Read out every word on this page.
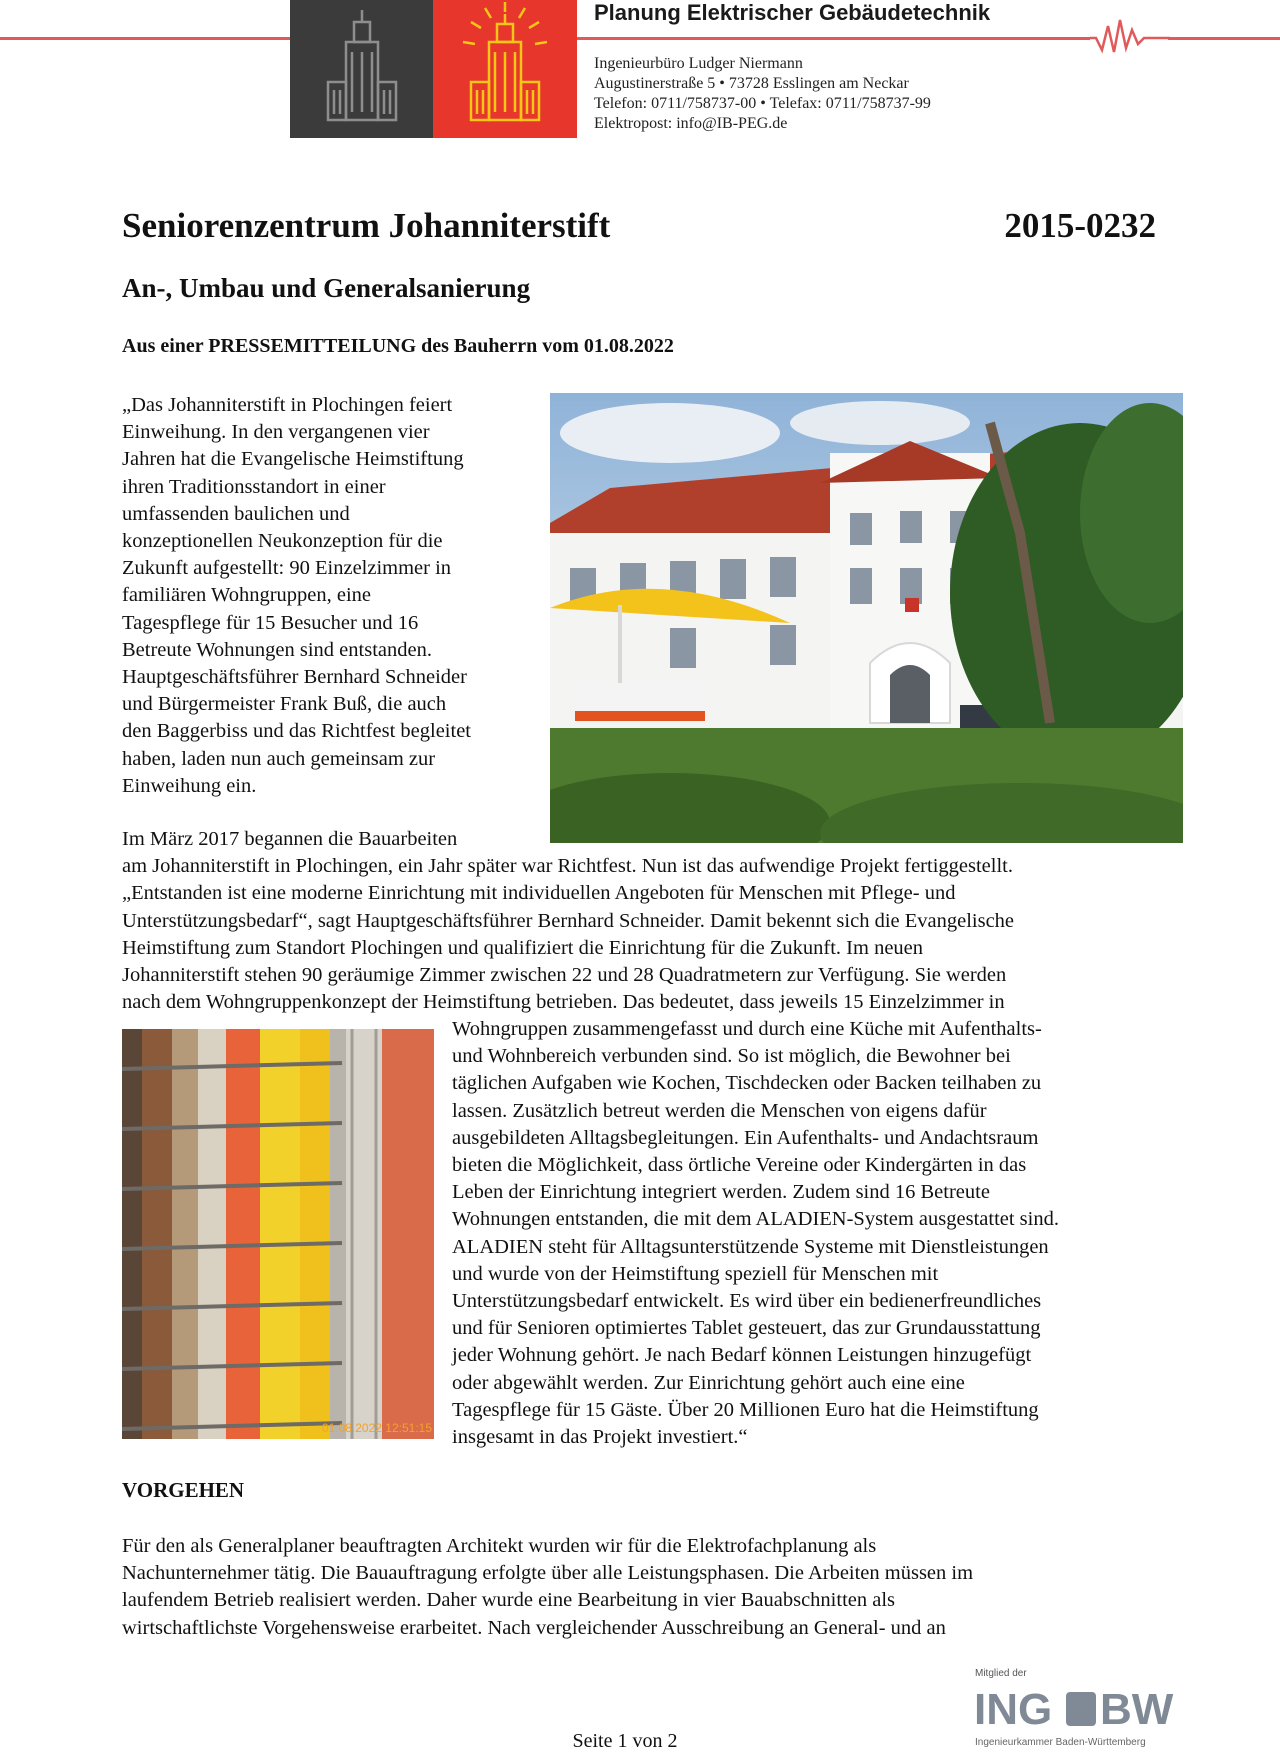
Planung Elektrischer Gebäudetechnik
Ingenieurbüro Ludger Niermann
Augustinerstraße 5 • 73728 Esslingen am Neckar
Telefon: 0711/758737-00 • Telefax: 0711/758737-99
Elektropost: info@IB-PEG.de
Seniorenzentrum Johanniterstift	2015-0232
An-, Umbau und Generalsanierung
Aus einer PRESSEMITTEILUNG des Bauherrn vom 01.08.2022
„Das Johanniterstift in Plochingen feiert
Einweihung. In den vergangenen vier
Jahren hat die Evangelische Heimstiftung
ihren Traditionsstandort in einer
umfassenden baulichen und
konzeptionellen Neukonzeption für die
Zukunft aufgestellt: 90 Einzelzimmer in
familiären Wohngruppen, eine
Tagespflege für 15 Besucher und 16
Betreute Wohnungen sind entstanden.
Hauptgeschäftsführer Bernhard Schneider
und Bürgermeister Frank Buß, die auch
den Baggerbiss und das Richtfest begleitet
haben, laden nun auch gemeinsam zur
Einweihung ein.
Im März 2017 begannen die Bauarbeiten
am Johanniterstift in Plochingen, ein Jahr später war Richtfest. Nun ist das aufwendige Projekt fertiggestellt.
„Entstanden ist eine moderne Einrichtung mit individuellen Angeboten für Menschen mit Pflege- und
Unterstützungsbedarf“, sagt Hauptgeschäftsführer Bernhard Schneider. Damit bekennt sich die Evangelische
Heimstiftung zum Standort Plochingen und qualifiziert die Einrichtung für die Zukunft. Im neuen
Johanniterstift stehen 90 geräumige Zimmer zwischen 22 und 28 Quadratmetern zur Verfügung. Sie werden
nach dem Wohngruppenkonzept der Heimstiftung betrieben. Das bedeutet, dass jeweils 15 Einzelzimmer in
01.08.2022 12:51:15
Wohngruppen zusammengefasst und durch eine Küche mit Aufenthalts-
und Wohnbereich verbunden sind. So ist möglich, die Bewohner bei
täglichen Aufgaben wie Kochen, Tischdecken oder Backen teilhaben zu
lassen. Zusätzlich betreut werden die Menschen von eigens dafür
ausgebildeten Alltagsbegleitungen. Ein Aufenthalts- und Andachtsraum
bieten die Möglichkeit, dass örtliche Vereine oder Kindergärten in das
Leben der Einrichtung integriert werden. Zudem sind 16 Betreute
Wohnungen entstanden, die mit dem ALADIEN-System ausgestattet sind.
ALADIEN steht für Alltagsunterstützende Systeme mit Dienstleistungen
und wurde von der Heimstiftung speziell für Menschen mit
Unterstützungsbedarf entwickelt. Es wird über ein bedienerfreundliches
und für Senioren optimiertes Tablet gesteuert, das zur Grundausstattung
jeder Wohnung gehört. Je nach Bedarf können Leistungen hinzugefügt
oder abgewählt werden. Zur Einrichtung gehört auch eine eine
Tagespflege für 15 Gäste. Über 20 Millionen Euro hat die Heimstiftung
insgesamt in das Projekt investiert.“
VORGEHEN
Für den als Generalplaner beauftragten Architekt wurden wir für die Elektrofachplanung als
Nachunternehmer tätig. Die Bauauftragung erfolgte über alle Leistungsphasen. Die Arbeiten müssen im
laufendem Betrieb realisiert werden. Daher wurde eine Bearbeitung in vier Bauabschnitten als
wirtschaftlichste Vorgehensweise erarbeitet. Nach vergleichender Ausschreibung an General- und an
Seite 1 von 2
Mitglied der
ING BW
Ingenieurkammer Baden-Württemberg
